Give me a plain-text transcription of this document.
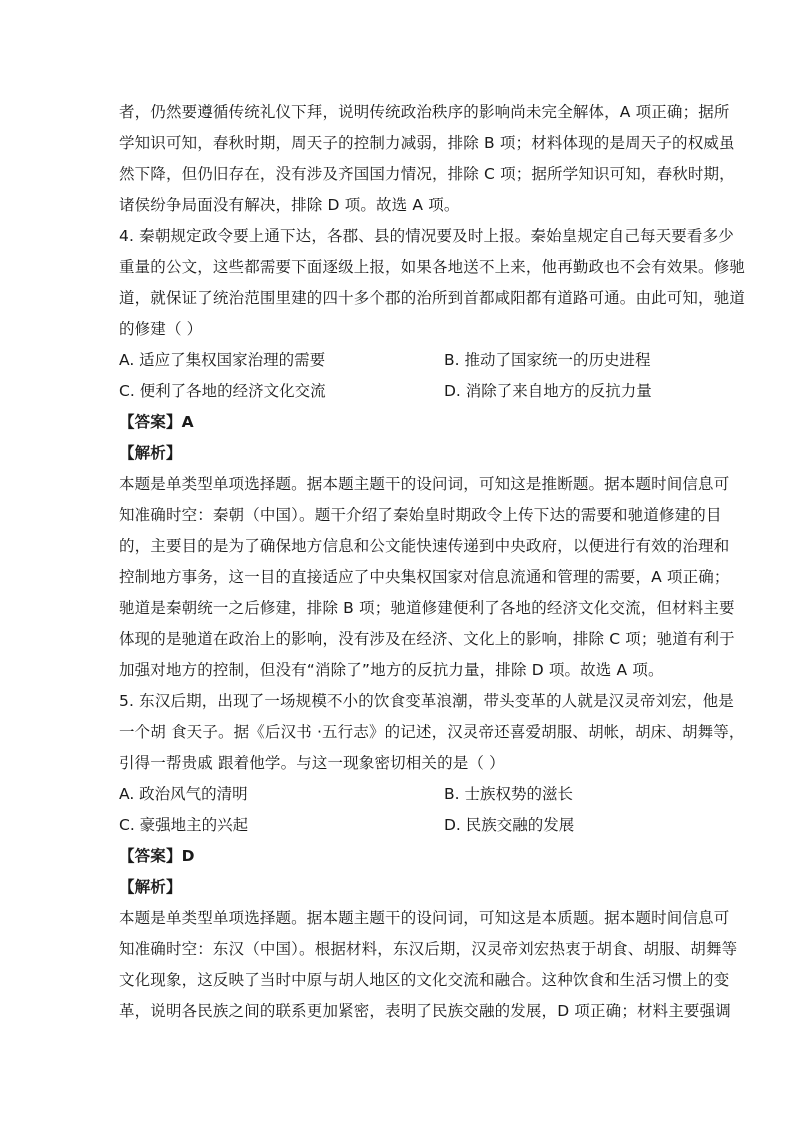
者，仍然要遵循传统礼仪下拜，说明传统政治秩序的影响尚未完全解体，A 项正确；据所
学知识可知，春秋时期，周天子的控制力减弱，排除 B 项；材料体现的是周天子的权威虽
然下降，但仍旧存在，没有涉及齐国国力情况，排除 C 项；据所学知识可知，春秋时期，
诸侯纷争局面没有解决，排除 D 项。故选 A 项。
4. 秦朝规定政令要上通下达，各郡、县的情况要及时上报。秦始皇规定自己每天要看多少
重量的公文，这些都需要下面逐级上报，如果各地送不上来，他再勤政也不会有效果。修驰
道，就保证了统治范围里建的四十多个郡的治所到首都咸阳都有道路可通。由此可知，驰道
的修建（ ）
A. 适应了集权国家治理的需要	B. 推动了国家统一的历史进程
C. 便利了各地的经济文化交流	D. 消除了来自地方的反抗力量
【答案】A
【解析】
本题是单类型单项选择题。据本题主题干的设问词，可知这是推断题。据本题时间信息可
知准确时空：秦朝（中国）。题干介绍了秦始皇时期政令上传下达的需要和驰道修建的目
的，主要目的是为了确保地方信息和公文能快速传递到中央政府，以便进行有效的治理和
控制地方事务，这一目的直接适应了中央集权国家对信息流通和管理的需要，A 项正确；
驰道是秦朝统一之后修建，排除 B 项；驰道修建便利了各地的经济文化交流，但材料主要
体现的是驰道在政治上的影响，没有涉及在经济、文化上的影响，排除 C 项；驰道有利于
加强对地方的控制，但没有“消除了”地方的反抗力量，排除 D 项。故选 A 项。
5. 东汉后期，出现了一场规模不小的饮食变革浪潮，带头变革的人就是汉灵帝刘宏，他是
一个胡 食天子。据《后汉书 ·五行志》的记述，汉灵帝还喜爱胡服、胡帐，胡床、胡舞等，
引得一帮贵戚 跟着他学。与这一现象密切相关的是（ ）
A. 政治风气的清明	B. 士族权势的滋长
C. 豪强地主的兴起	D. 民族交融的发展
【答案】D
【解析】
本题是单类型单项选择题。据本题主题干的设问词，可知这是本质题。据本题时间信息可
知准确时空：东汉（中国）。根据材料，东汉后期，汉灵帝刘宏热衷于胡食、胡服、胡舞等
文化现象，这反映了当时中原与胡人地区的文化交流和融合。这种饮食和生活习惯上的变
革，说明各民族之间的联系更加紧密，表明了民族交融的发展，D 项正确；材料主要强调
